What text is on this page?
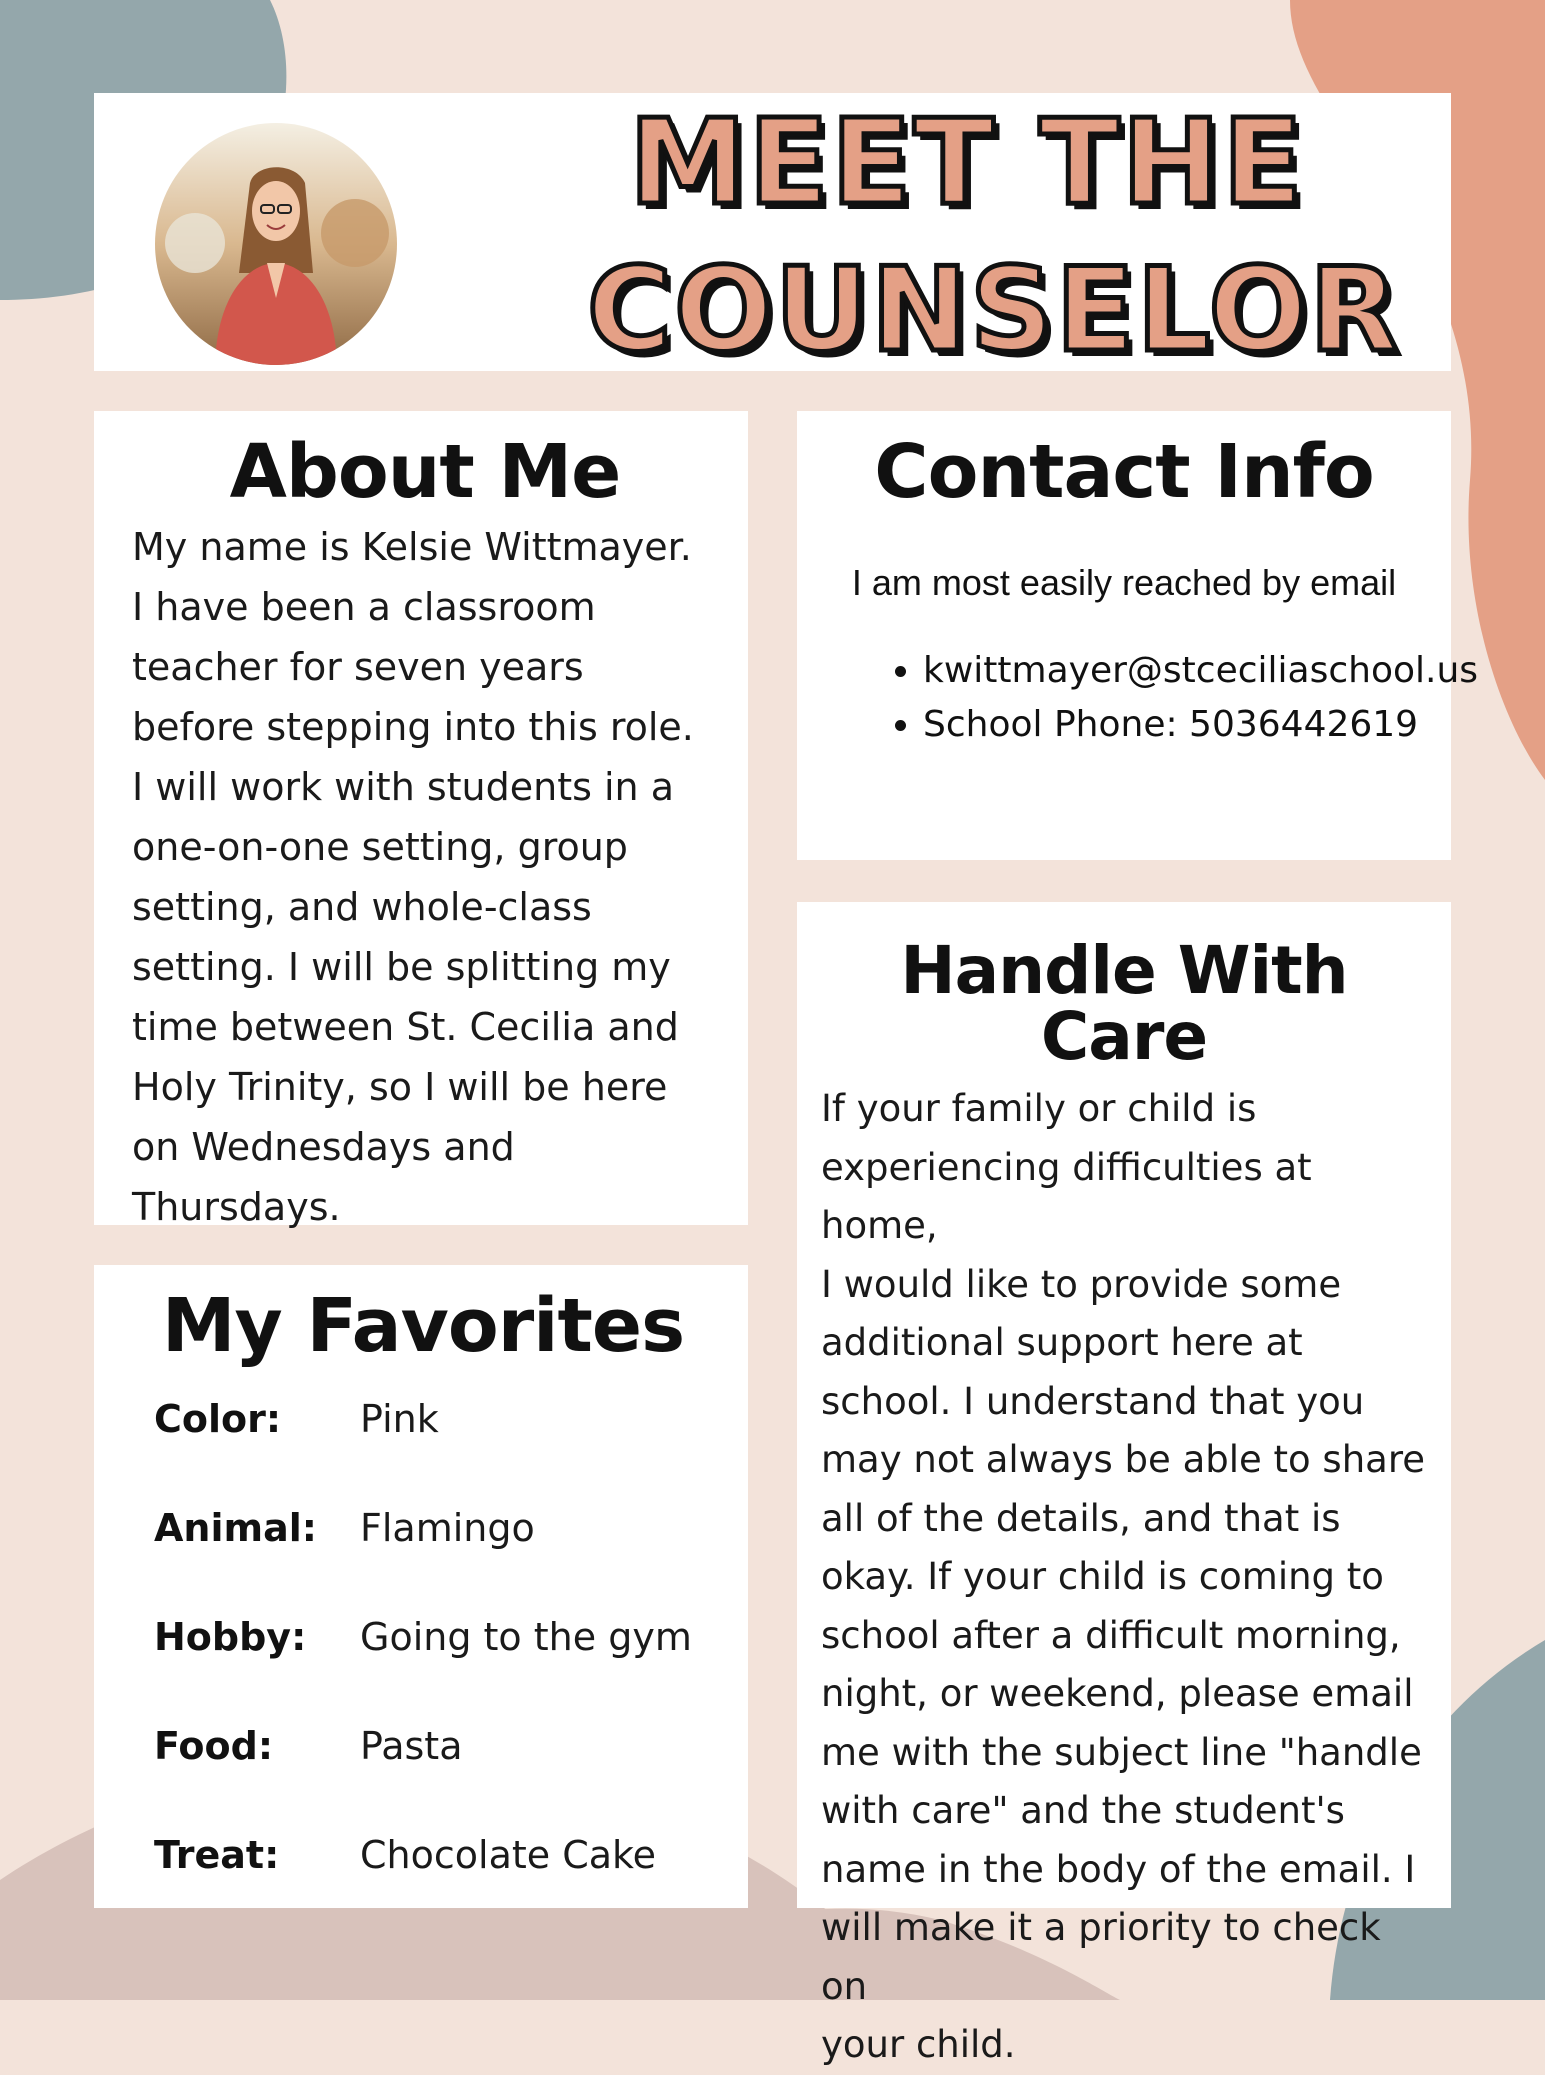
MEET THE
COUNSELOR
About Me

My name is Kelsie Wittmayer.
I have been a classroom
teacher for seven years
before stepping into this role.
I will work with students in a
one-on-one setting, group
setting, and whole-class
setting. I will be splitting my
time between St. Cecilia and
Holy Trinity, so I will be here
on Wednesdays and
Thursdays.

Contact Info
I am most easily reached by email
• kwittmayer@stceciliaschool.us
• School Phone: 5036442619
My Favorites
Color:	Pink
Animal:	Flamingo
Hobby:	Going to the gym
Food:	Pasta
Treat:	Chocolate Cake
Handle With Care

If your family or child is
experiencing difficulties at home,
I would like to provide some
additional support here at
school. I understand that you
may not always be able to share
all of the details, and that is
okay. If your child is coming to
school after a difficult morning,
night, or weekend, please email
me with the subject line "handle
with care" and the student's
name in the body of the email. I
will make it a priority to check on
your child.
